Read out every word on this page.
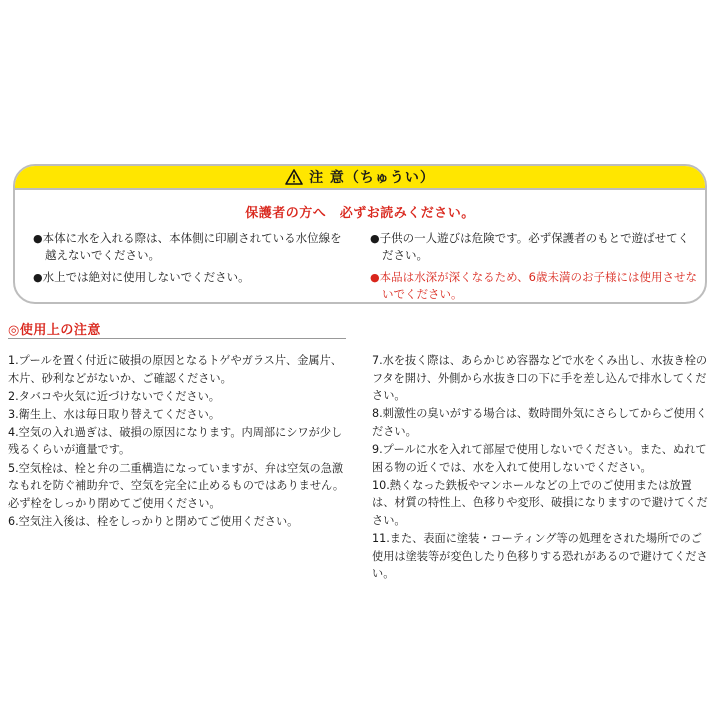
注 意（ちゅうい）
保護者の方へ　必ずお読みください。
●本体に水を入れる際は、本体側に印刷されている水位線を越えないでください。
●水上では絶対に使用しないでください。
●子供の一人遊びは危険です。必ず保護者のもとで遊ばせてください。
●本品は水深が深くなるため、6歳未満のお子様には使用させないでください。
◎使用上の注意
1.プールを置く付近に破損の原因となるトゲやガラス片、金属片、木片、砂利などがないか、ご確認ください。
2.タバコや火気に近づけないでください。
3.衛生上、水は毎日取り替えてください。
4.空気の入れ過ぎは、破損の原因になります。内周部にシワが少し残るくらいが適量です。
5.空気栓は、栓と弁の二重構造になっていますが、弁は空気の急激なもれを防ぐ補助弁で、空気を完全に止めるものではありません。必ず栓をしっかり閉めてご使用ください。
6.空気注入後は、栓をしっかりと閉めてご使用ください。
7.水を抜く際は、あらかじめ容器などで水をくみ出し、水抜き栓のフタを開け、外側から水抜き口の下に手を差し込んで排水してください。
8.刺激性の臭いがする場合は、数時間外気にさらしてからご使用ください。
9.プールに水を入れて部屋で使用しないでください。また、ぬれて困る物の近くでは、水を入れて使用しないでください。
10.熱くなった鉄板やマンホールなどの上でのご使用または放置は、材質の特性上、色移りや変形、破損になりますので避けてください。
11.また、表面に塗装・コーティング等の処理をされた場所でのご使用は塗装等が変色したり色移りする恐れがあるので避けてください。
